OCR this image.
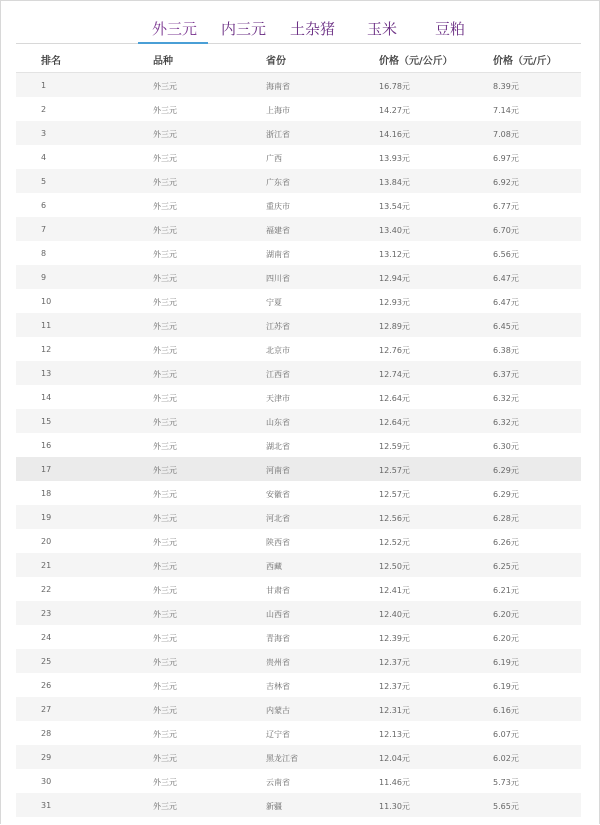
外三元 内三元 土杂猪 玉米	豆粕
排名	品种	省份	价格（元/公斤）	价格（元/斤）
1	外三元	海南省	16.78元	8.39元
2	外三元	上海市	14.27元	7.14元
3	外三元	浙江省	14.16元	7.08元
4	外三元	广西	13.93元	6.97元
5	外三元	广东省	13.84元	6.92元
6	外三元	重庆市	13.54元	6.77元
7	外三元	福建省	13.40元	6.70元
8	外三元	湖南省	13.12元	6.56元
9	外三元	四川省	12.94元	6.47元
10	外三元	宁夏	12.93元	6.47元
11	外三元	江苏省	12.89元	6.45元
12	外三元	北京市	12.76元	6.38元
13	外三元	江西省	12.74元	6.37元
14	外三元	天津市	12.64元	6.32元
15	外三元	山东省	12.64元	6.32元
16	外三元	湖北省	12.59元	6.30元
17	外三元	河南省	12.57元	6.29元
18	外三元	安徽省	12.57元	6.29元
19	外三元	河北省	12.56元	6.28元
20	外三元	陕西省	12.52元	6.26元
21	外三元	西藏	12.50元	6.25元
22	外三元	甘肃省	12.41元	6.21元
23	外三元	山西省	12.40元	6.20元
24	外三元	青海省	12.39元	6.20元
25	外三元	贵州省	12.37元	6.19元
26	外三元	吉林省	12.37元	6.19元
27	外三元	内蒙古	12.31元	6.16元
28	外三元	辽宁省	12.13元	6.07元
29	外三元	黑龙江省	12.04元	6.02元
30	外三元	云南省	11.46元	5.73元
31	外三元	新疆	11.30元	5.65元
